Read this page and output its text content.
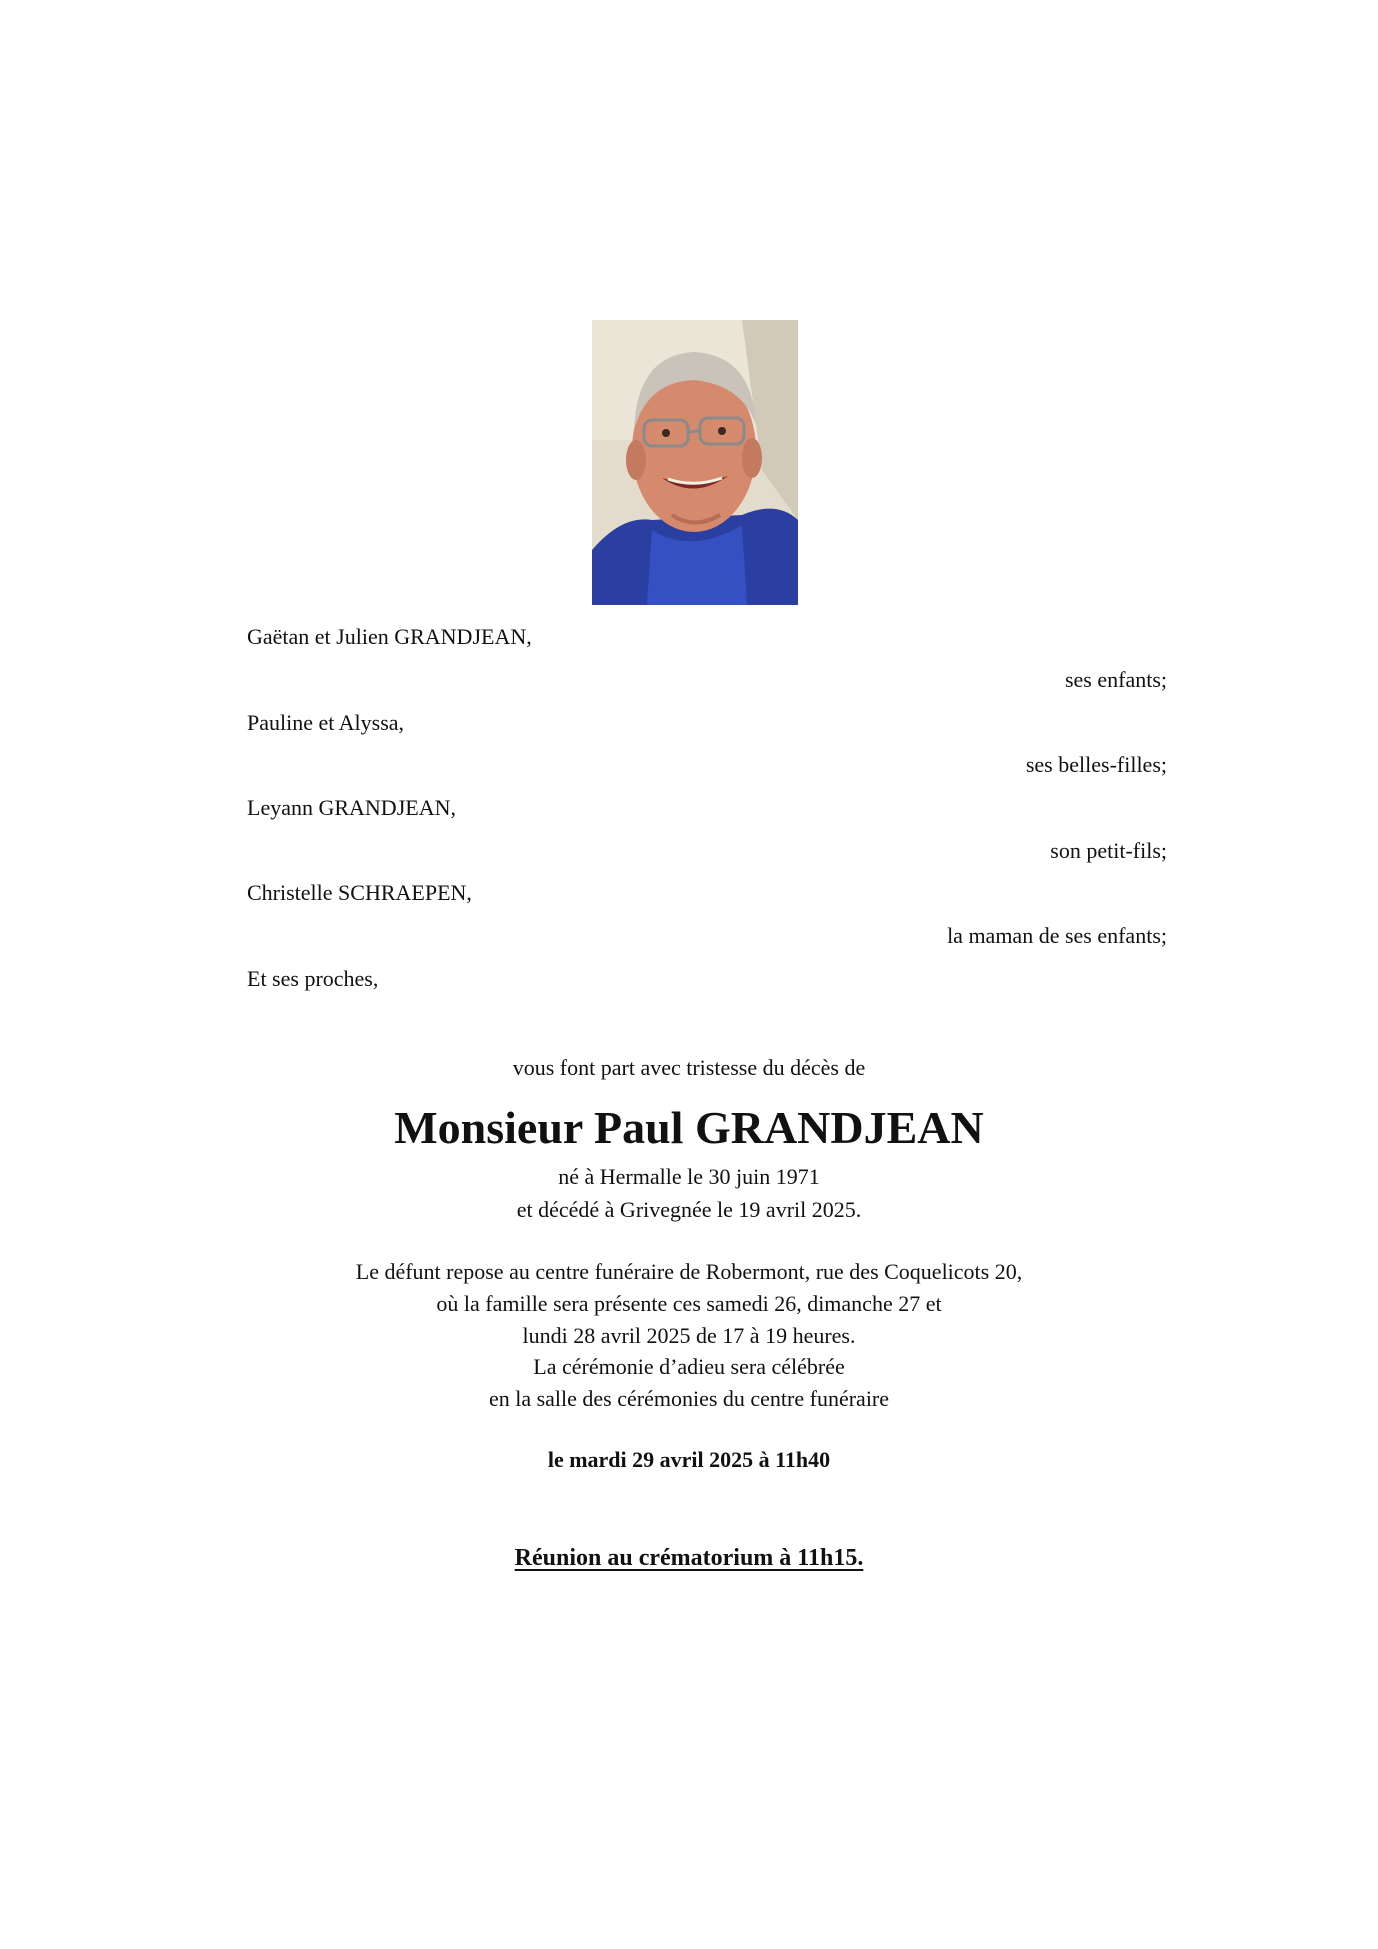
Gaëtan et Julien GRANDJEAN,
ses enfants;
Pauline et Alyssa,
ses belles-filles;
Leyann GRANDJEAN,
son petit-fils;
Christelle SCHRAEPEN,
la maman de ses enfants;
Et ses proches,
vous font part avec tristesse du décès de
Monsieur Paul GRANDJEAN
né à Hermalle le 30 juin 1971
et décédé à Grivegnée le 19 avril 2025.
Le défunt repose au centre funéraire de Robermont, rue des Coquelicots 20,
où la famille sera présente ces samedi 26, dimanche 27 et
lundi 28 avril 2025 de 17 à 19 heures.
La cérémonie d’adieu sera célébrée
en la salle des cérémonies du centre funéraire
le mardi 29 avril 2025 à 11h40
Réunion au crématorium à 11h15.
